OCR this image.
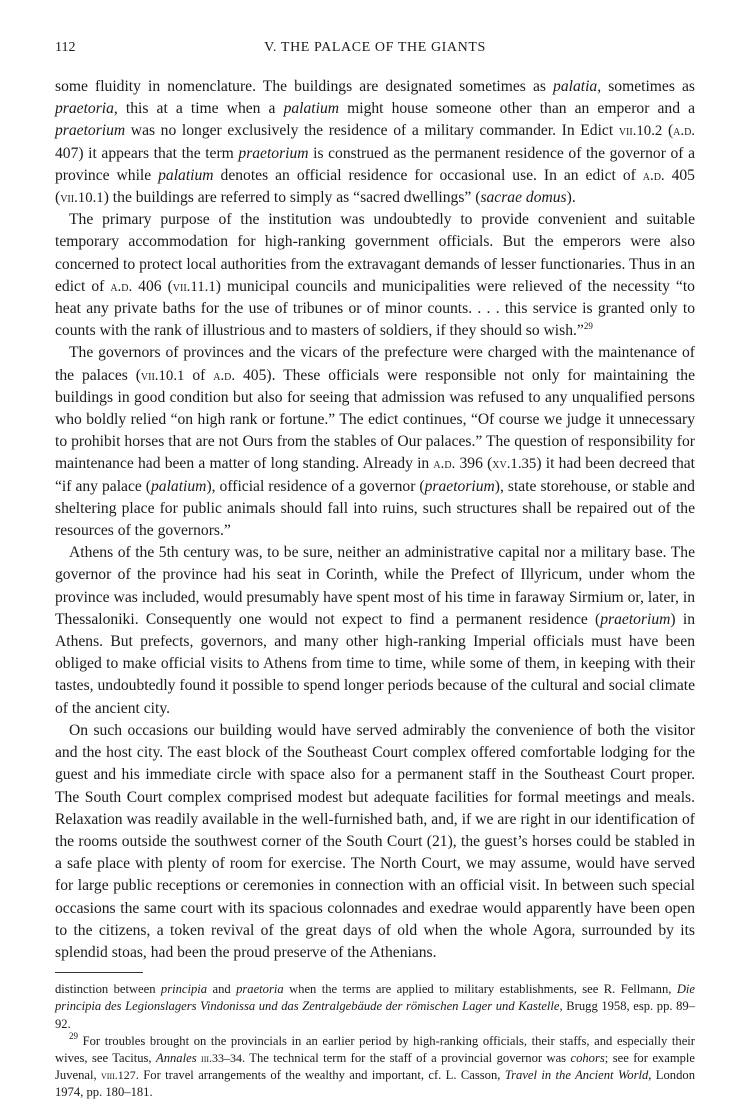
112	V. THE PALACE OF THE GIANTS

some fluidity in nomenclature. The buildings are designated sometimes as palatia, sometimes as praetoria, this at a time when a palatium might house someone other than an emperor and a praetorium was no longer exclusively the residence of a military commander. In Edict vii.10.2 (a.d. 407) it appears that the term praetorium is construed as the permanent residence of the governor of a province while palatium denotes an official residence for occasional use. In an edict of a.d. 405 (vii.10.1) the buildings are referred to simply as “sacred dwellings” (sacrae domus).

The primary purpose of the institution was undoubtedly to provide convenient and suitable temporary accommodation for high-ranking government officials. But the emperors were also concerned to protect local authorities from the extravagant demands of lesser functionaries. Thus in an edict of a.d. 406 (vii.11.1) municipal councils and municipalities were relieved of the necessity “to heat any private baths for the use of tribunes or of minor counts. . . . this service is granted only to counts with the rank of illustrious and to masters of soldiers, if they should so wish.”$^{29}$

The governors of provinces and the vicars of the prefecture were charged with the maintenance of the palaces (vii.10.1 of a.d. 405). These officials were responsible not only for maintaining the buildings in good condition but also for seeing that admission was refused to any unqualified persons who boldly relied “on high rank or fortune.” The edict continues, “Of course we judge it unnecessary to prohibit horses that are not Ours from the stables of Our palaces.” The question of responsibility for maintenance had been a matter of long standing. Already in a.d. 396 (xv.1.35) it had been decreed that “if any palace (palatium), official residence of a governor (praetorium), state storehouse, or stable and sheltering place for public animals should fall into ruins, such structures shall be repaired out of the resources of the governors.”

Athens of the 5th century was, to be sure, neither an administrative capital nor a military base. The governor of the province had his seat in Corinth, while the Prefect of Illyricum, under whom the province was included, would presumably have spent most of his time in faraway Sirmium or, later, in Thessaloniki. Consequently one would not expect to find a permanent residence (praetorium) in Athens. But prefects, governors, and many other high-ranking Imperial officials must have been obliged to make official visits to Athens from time to time, while some of them, in keeping with their tastes, undoubtedly found it possible to spend longer periods because of the cultural and social climate of the ancient city.

On such occasions our building would have served admirably the convenience of both the visitor and the host city. The east block of the Southeast Court complex offered comfortable lodging for the guest and his immediate circle with space also for a permanent staff in the Southeast Court proper. The South Court complex comprised modest but adequate facilities for formal meetings and meals. Relaxation was readily available in the well-furnished bath, and, if we are right in our identification of the rooms outside the southwest corner of the South Court (21), the guest’s horses could be stabled in a safe place with plenty of room for exercise. The North Court, we may assume, would have served for large public receptions or ceremonies in connection with an official visit. In between such special occasions the same court with its spacious colonnades and exedrae would apparently have been open to the citizens, a token revival of the great days of old when the whole Agora, surrounded by its splendid stoas, had been the proud preserve of the Athenians.

distinction between principia and praetoria when the terms are applied to military establishments, see R. Fellmann, Die principia des Legionslagers Vindonissa und das Zentralgebäude der römischen Lager und Kastelle, Brugg 1958, esp. pp. 89–92.

$^{29}$ For troubles brought on the provincials in an earlier period by high-ranking officials, their staffs, and especially their wives, see Tacitus, Annales iii.33–34. The technical term for the staff of a provincial governor was cohors; see for example Juvenal, viii.127. For travel arrangements of the wealthy and important, cf. L. Casson, Travel in the Ancient World, London 1974, pp. 180–181.
